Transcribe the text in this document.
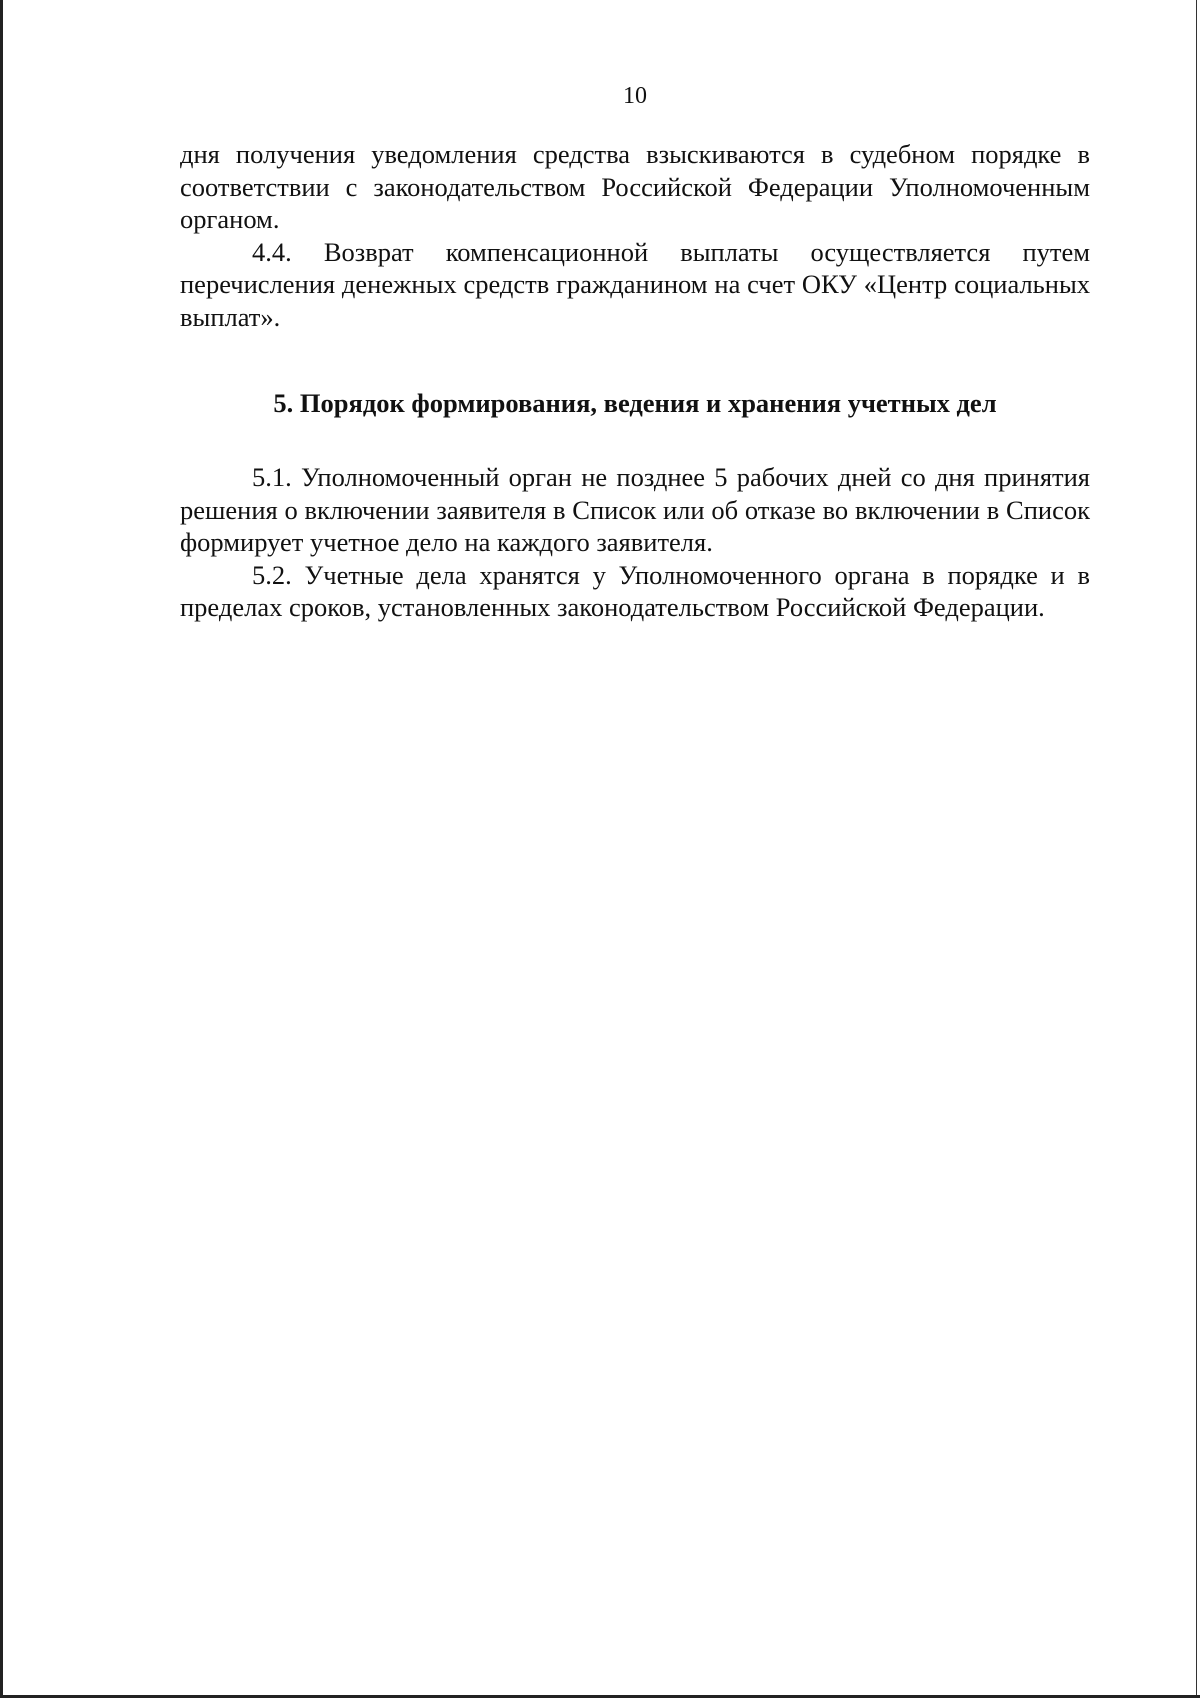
10

дня получения уведомления средства взыскиваются в судебном порядке в соответствии с законодательством Российской Федерации Уполномоченным органом.

4.4. Возврат компенсационной выплаты осуществляется путем перечисления денежных средств гражданином на счет ОКУ «Центр социальных выплат».

5. Порядок формирования, ведения и хранения учетных дел

5.1. Уполномоченный орган не позднее 5 рабочих дней со дня принятия решения о включении заявителя в Список или об отказе во включении в Список формирует учетное дело на каждого заявителя.

5.2. Учетные дела хранятся у Уполномоченного органа в порядке и в пределах сроков, установленных законодательством Российской Федерации.
